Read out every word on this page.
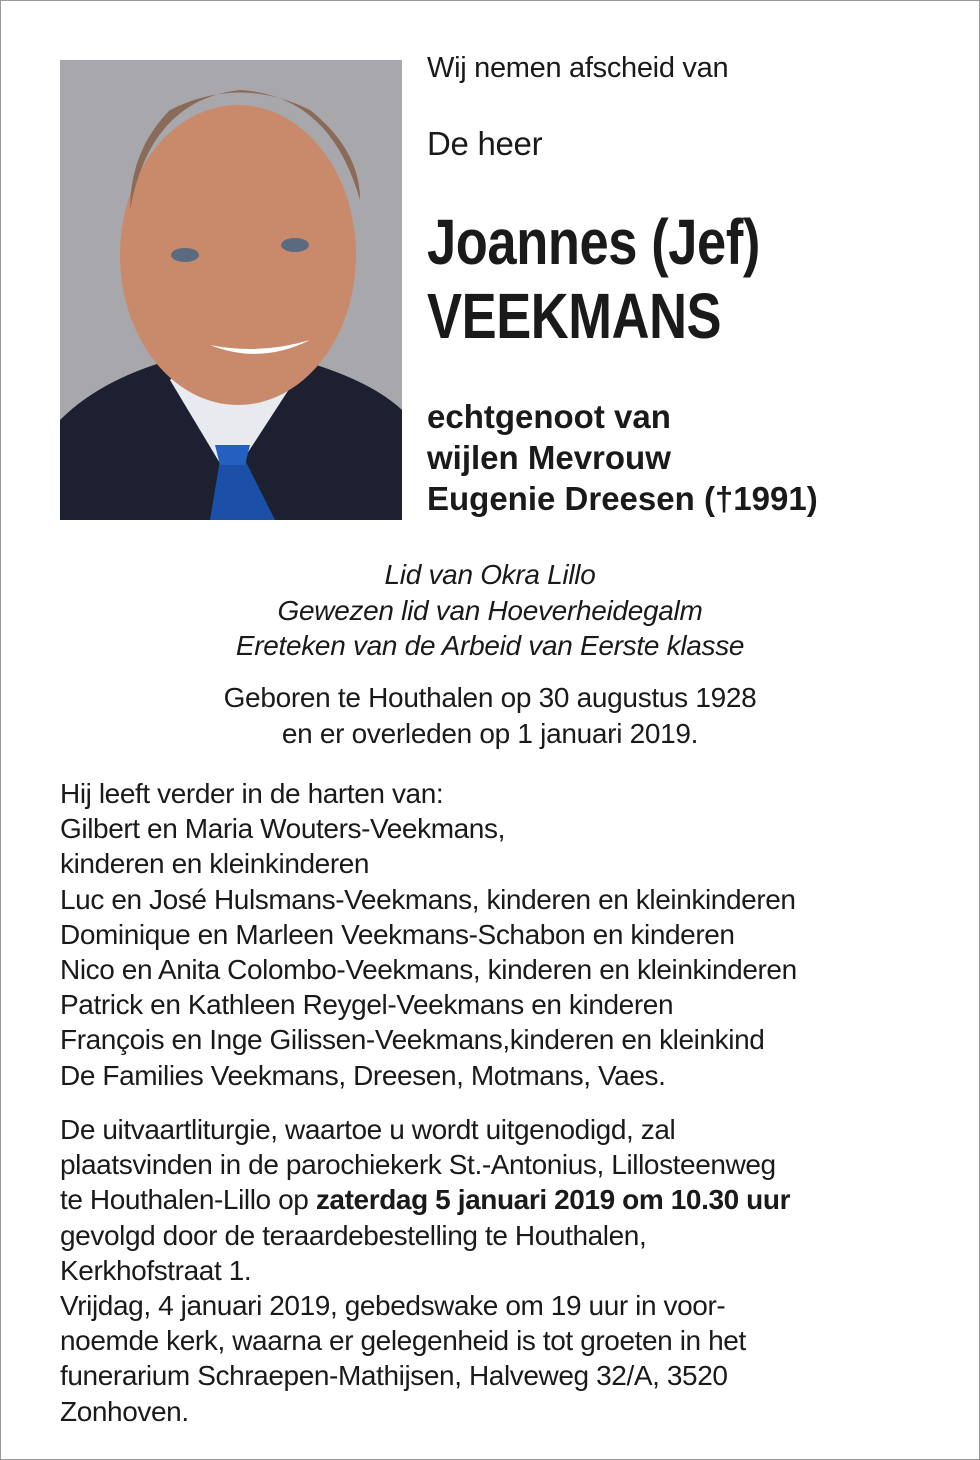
Wij nemen afscheid van
De heer
Joannes (Jef)
VEEKMANS
echtgenoot van
wijlen Mevrouw
Eugenie Dreesen (†1991)
Lid van Okra Lillo
Gewezen lid van Hoeverheidegalm
Ereteken van de Arbeid van Eerste klasse
Geboren te Houthalen op 30 augustus 1928
en er overleden op 1 januari 2019.
Hij leeft verder in de harten van:
Gilbert en Maria Wouters-Veekmans,
kinderen en kleinkinderen
Luc en José Hulsmans-Veekmans, kinderen en kleinkinderen
Dominique en Marleen Veekmans-Schabon en kinderen
Nico en Anita Colombo-Veekmans, kinderen en kleinkinderen
Patrick en Kathleen Reygel-Veekmans en kinderen
François en Inge Gilissen-Veekmans,kinderen en kleinkind
De Families Veekmans, Dreesen, Motmans, Vaes.
De uitvaartliturgie, waartoe u wordt uitgenodigd, zal
plaatsvinden in de parochiekerk St.-Antonius, Lillosteenweg
te Houthalen-Lillo op zaterdag 5 januari 2019 om 10.30 uur
gevolgd door de teraardebestelling te Houthalen,
Kerkhofstraat 1.
Vrijdag, 4 januari 2019, gebedswake om 19 uur in voor-
noemde kerk, waarna er gelegenheid is tot groeten in het
funerarium Schraepen-Mathijsen, Halveweg 32/A, 3520
Zonhoven.
